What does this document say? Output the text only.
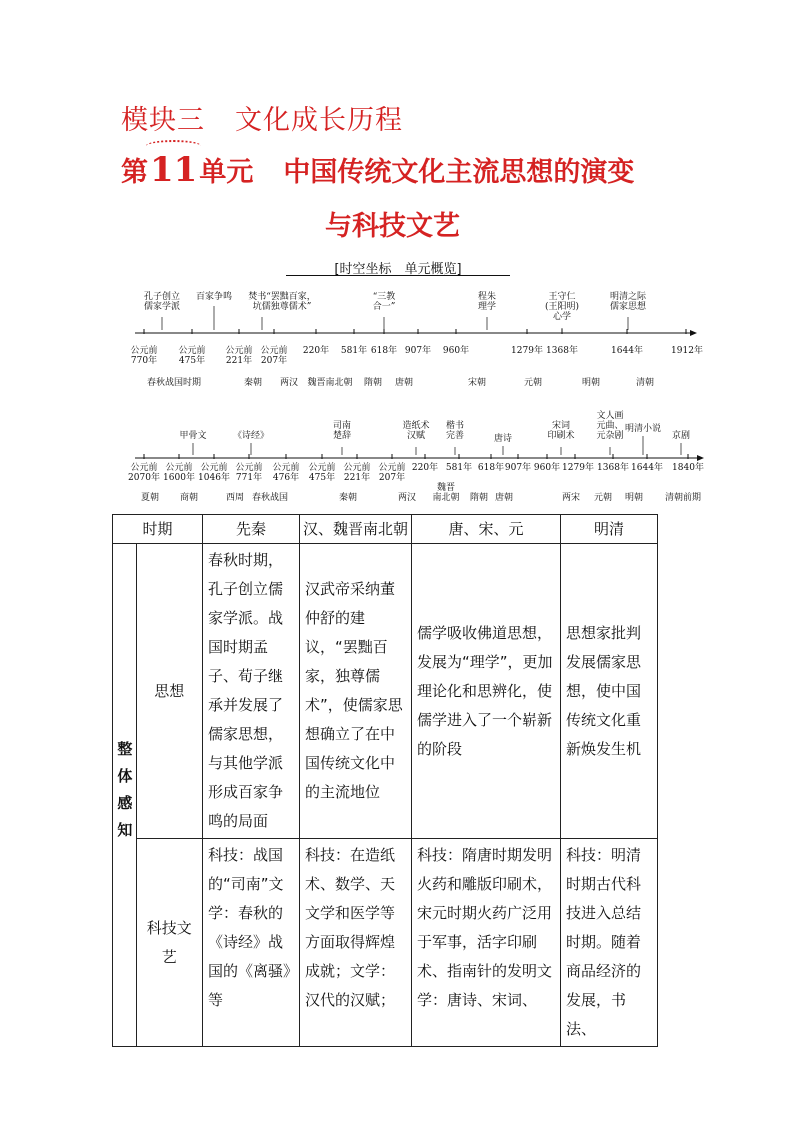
模块三 文化成长历程
第
11单元 中国传统文化主流思想的演变
与科技文艺
[时空坐标　单元概览]
公元前
770年
公元前
475年
公元前
221年
公元前
207年
220年 581年 618年 907年 960年	1279年 1368年	1644年	1912年
孔子创立
儒家学派
百家争鸣 焚书“罢黜百家，
坑儒独尊儒术”
“三教
合一”
程朱
理学
王守仁
(王阳明)
心学
明清之际
儒家思想
春秋战国时期	秦朝 两汉 魏晋南北朝 隋朝 唐朝	宋朝	元朝	明朝	清朝
公元前
2070年
公元前
1600年
公元前
1046年
公元前
771年
公元前
476年
公元前
475年
公元前
221年
公元前
207年
220年 581年 618年 907年 960年 1279年 1368年 1644年 1840年
甲骨文	《诗经》
司南
楚辞
造纸术
汉赋
楷书
完善	唐诗
宋词
印刷术
文人画
元曲、
元杂剧
明清小说
京剧
夏朝 商朝	西周 春秋战国	秦朝	两汉
魏晋
南北朝 隋朝 唐朝	两宋 元朝 明朝 清朝前期
时期		先秦	汉、魏晋南北朝	唐、宋、元	明清

整体感知	思想	春秋时期，孔子创立儒家学派。战国时期孟子、荀子继承并发展了儒家思想，与其他学派形成百家争鸣的局面	汉武帝采纳董仲舒的建议，“罢黜百家，独尊儒术”，使儒家思想确立了在中国传统文化中的主流地位	儒学吸收佛道思想，发展为“理学”，更加理论化和思辨化，使儒学进入了一个崭新的阶段	思想家批判发展儒家思想，使中国传统文化重新焕发生机
	科技文艺	科技：战国的“司南”文学：春秋的《诗经》战国的《离骚》等	科技：在造纸术、数学、天文学和医学等方面取得辉煌成就；文学：汉代的汉赋；	科技：隋唐时期发明火药和雕版印刷术，宋元时期火药广泛用于军事，活字印刷术、指南针的发明文学：唐诗、宋词、	科技：明清时期古代科技进入总结时期。随着商品经济的发展，书法、
